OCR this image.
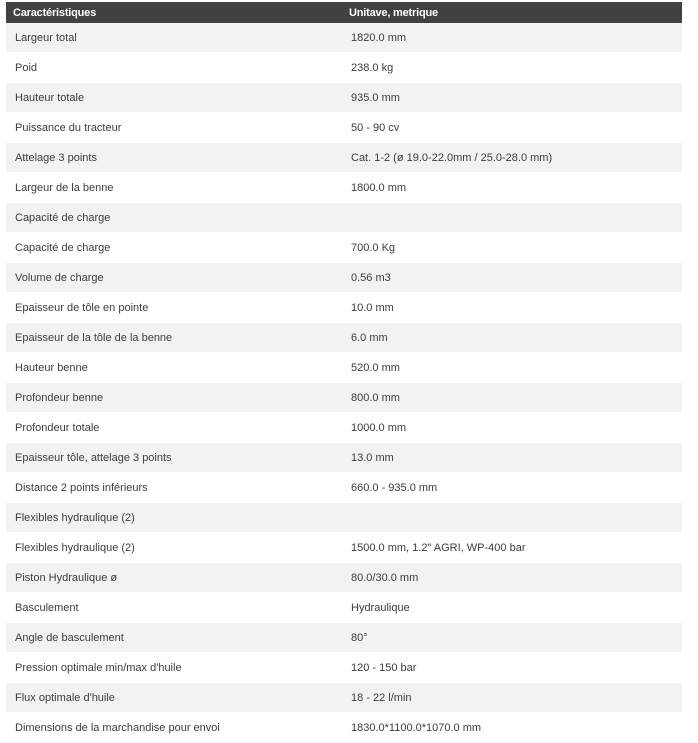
Caractéristiques	Unitave, metrique
Largeur total	1820.0 mm
Poid	238.0 kg
Hauteur totale	935.0 mm
Puissance du tracteur	50 - 90 cv
Attelage 3 points	Cat. 1-2 (ø 19.0-22.0mm / 25.0-28.0 mm)
Largeur de la benne	1800.0 mm
Capacité de charge	
Capacité de charge	700.0 Kg
Volume de charge	0.56 m3
Epaisseur de tôle en pointe	10.0 mm
Epaisseur de la tôle de la benne	6.0 mm
Hauteur benne	520.0 mm
Profondeur benne	800.0 mm
Profondeur totale	1000.0 mm
Epaisseur tôle, attelage 3 points	13.0 mm
Distance 2 points inférieurs	660.0 - 935.0 mm
Flexibles hydraulique (2)	
Flexibles hydraulique (2)	1500.0 mm, 1.2" AGRI, WP-400 bar
Piston Hydraulique ø	80.0/30.0 mm
Basculement	Hydraulique
Angle de basculement	80°
Pression optimale min/max d'huile	120 - 150 bar
Flux optimale d'huile	18 - 22 l/min
Dimensions de la marchandise pour envoi	1830.0*1100.0*1070.0 mm
